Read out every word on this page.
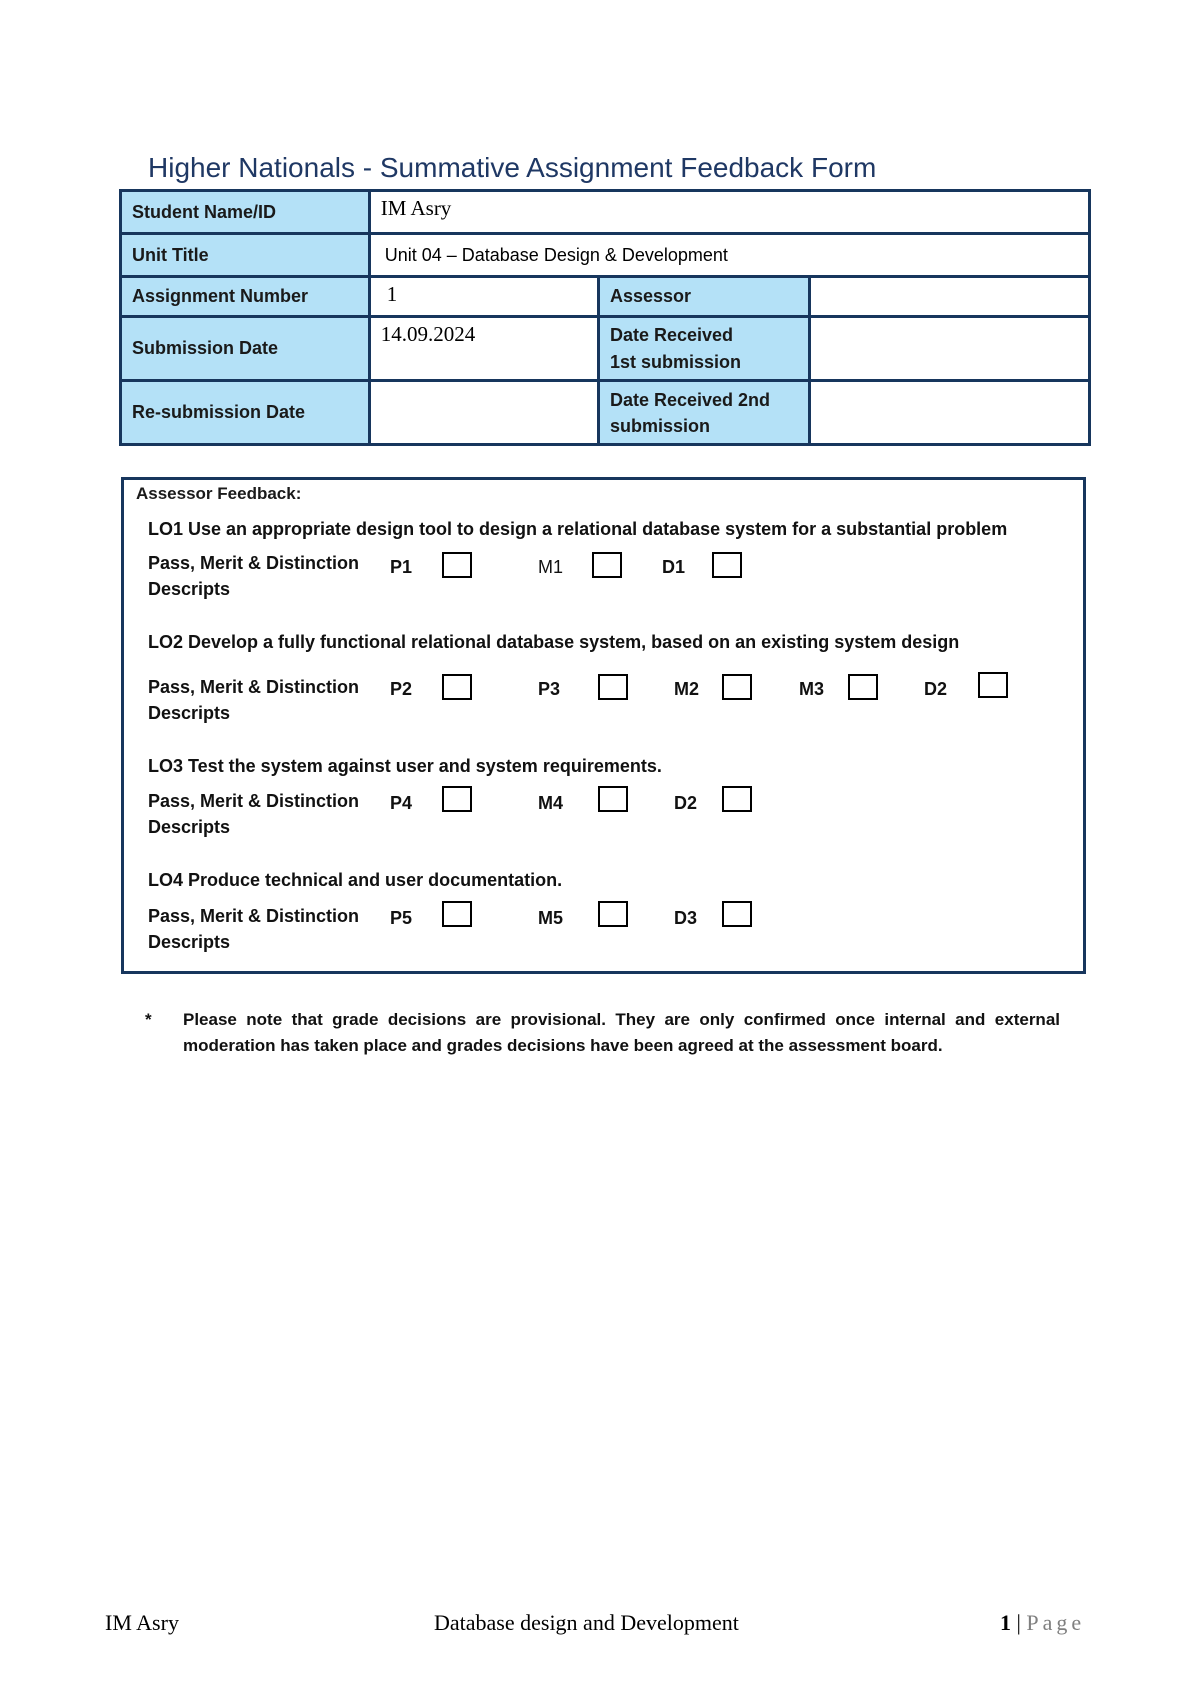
Higher Nationals - Summative Assignment Feedback Form
Student Name/ID	IM Asry		
Unit Title	Unit 04 – Database Design & Development		
Assignment Number	1	Assessor	
Submission Date	14.09.2024	Date Received
1st submission	
Re-submission Date		Date Received 2nd
submission	
Assessor Feedback:
LO1 Use an appropriate design tool to design a relational database system for a substantial problem
Pass, Merit & Distinction Descripts
P1	M1	D1
LO2 Develop a fully functional relational database system, based on an existing system design
Pass, Merit & Distinction Descripts
P2	P3	M2	M3	D2
LO3 Test the system against user and system requirements.
Pass, Merit & Distinction Descripts
P4	M4	D2
LO4 Produce technical and user documentation.
Pass, Merit & Distinction Descripts
P5	M5	D3
* Please note that grade decisions are provisional. They are only confirmed once internal and external moderation has taken place and grades decisions have been agreed at the assessment board.
IM Asry	Database design and Development	1 | Page
